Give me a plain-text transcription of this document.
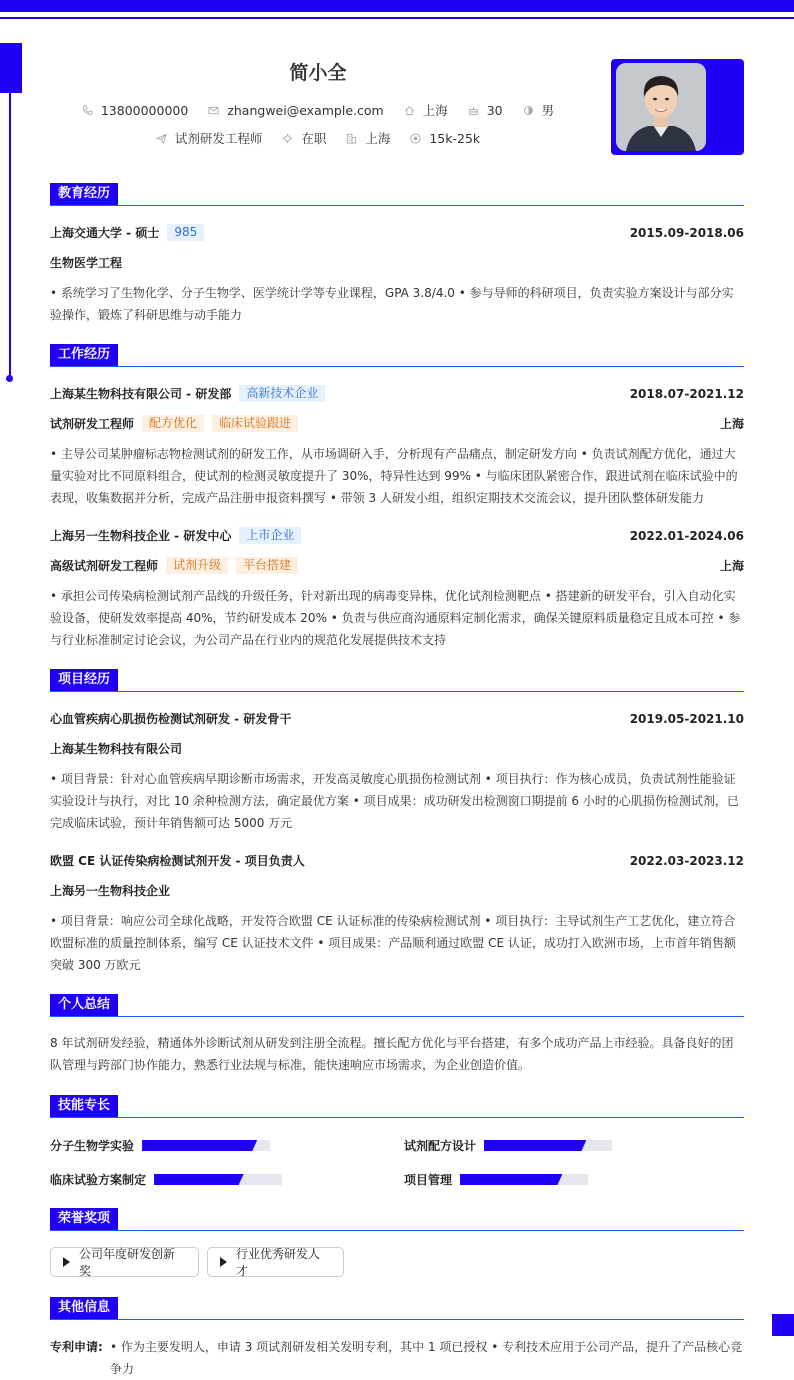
简小全
13800000000	zhangwei@example.com	上海	30	男
试剂研发工程师	在职	上海	15k-25k
教育经历
上海交通大学 - 硕士	985	2015.09-2018.06
生物医学工程
• 系统学习了生物化学、分子生物学、医学统计学等专业课程，GPA 3.8/4.0 • 参与导师的科研项目，负责实验方案设计与部分实验操作，锻炼了科研思维与动手能力
工作经历
上海某生物科技有限公司 - 研发部	高新技术企业	2018.07-2021.12
试剂研发工程师	配方优化	临床试验跟进	上海
• 主导公司某肿瘤标志物检测试剂的研发工作，从市场调研入手，分析现有产品痛点，制定研发方向 • 负责试剂配方优化，通过大量实验对比不同原料组合，使试剂的检测灵敏度提升了 30%，特异性达到 99% • 与临床团队紧密合作，跟进试剂在临床试验中的表现，收集数据并分析，完成产品注册申报资料撰写 • 带领 3 人研发小组，组织定期技术交流会议，提升团队整体研发能力
上海另一生物科技企业 - 研发中心	上市企业	2022.01-2024.06
高级试剂研发工程师	试剂升级	平台搭建	上海
• 承担公司传染病检测试剂产品线的升级任务，针对新出现的病毒变异株，优化试剂检测靶点 • 搭建新的研发平台，引入自动化实验设备，使研发效率提高 40%，节约研发成本 20% • 负责与供应商沟通原料定制化需求，确保关键原料质量稳定且成本可控 • 参与行业标准制定讨论会议，为公司产品在行业内的规范化发展提供技术支持
项目经历
心血管疾病心肌损伤检测试剂研发 - 研发骨干	2019.05-2021.10
上海某生物科技有限公司
• 项目背景：针对心血管疾病早期诊断市场需求，开发高灵敏度心肌损伤检测试剂 • 项目执行：作为核心成员，负责试剂性能验证实验设计与执行，对比 10 余种检测方法，确定最优方案 • 项目成果：成功研发出检测窗口期提前 6 小时的心肌损伤检测试剂，已完成临床试验，预计年销售额可达 5000 万元
欧盟 CE 认证传染病检测试剂开发 - 项目负责人	2022.03-2023.12
上海另一生物科技企业
• 项目背景：响应公司全球化战略，开发符合欧盟 CE 认证标准的传染病检测试剂 • 项目执行：主导试剂生产工艺优化，建立符合欧盟标准的质量控制体系，编写 CE 认证技术文件 • 项目成果：产品顺利通过欧盟 CE 认证，成功打入欧洲市场，上市首年销售额突破 300 万欧元
个人总结
8 年试剂研发经验，精通体外诊断试剂从研发到注册全流程。擅长配方优化与平台搭建，有多个成功产品上市经验。具备良好的团队管理与跨部门协作能力，熟悉行业法规与标准，能快速响应市场需求，为企业创造价值。
技能专长
分子生物学实验	试剂配方设计
临床试验方案制定	项目管理
荣誉奖项
公司年度研发创新奖
行业优秀研发人才
其他信息
专利申请: • 作为主要发明人，申请 3 项试剂研发相关发明专利，其中 1 项已授权 • 专利技术应用于公司产品，提升了产品核心竞争力
